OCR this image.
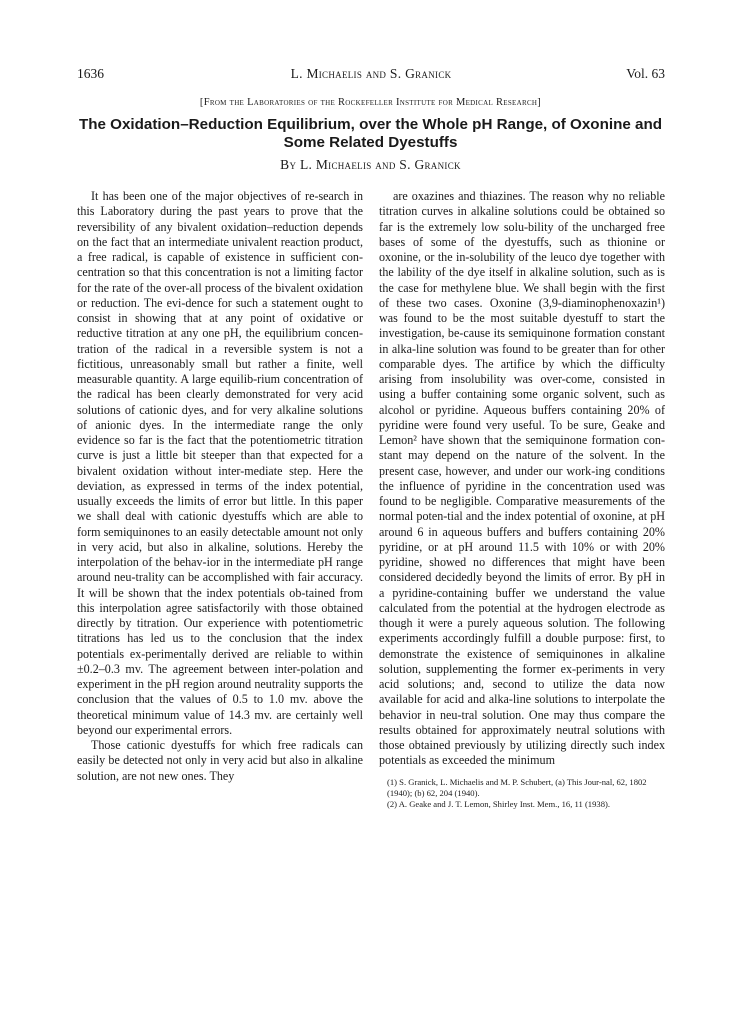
1636	L. Michaelis and S. Granick	Vol. 63
[From the Laboratories of the Rockefeller Institute for Medical Research]
The Oxidation–Reduction Equilibrium, over the Whole pH Range, of Oxonine and Some Related Dyestuffs
By L. Michaelis and S. Granick

It has been one of the major objectives of re-search in this Laboratory during the past years to prove that the reversibility of any bivalent oxidation–reduction depends on the fact that an intermediate univalent reaction product, a free radical, is capable of existence in sufficient con-centration so that this concentration is not a limiting factor for the rate of the over-all process of the bivalent oxidation or reduction. The evi-dence for such a statement ought to consist in showing that at any point of oxidative or reductive titration at any one pH, the equilibrium concen-tration of the radical in a reversible system is not a fictitious, unreasonably small but rather a finite, well measurable quantity. A large equilib-rium concentration of the radical has been clearly demonstrated for very acid solutions of cationic dyes, and for very alkaline solutions of anionic dyes. In the intermediate range the only evidence so far is the fact that the potentiometric titration curve is just a little bit steeper than that expected for a bivalent oxidation without inter-mediate step. Here the deviation, as expressed in terms of the index potential, usually exceeds the limits of error but little. In this paper we shall deal with cationic dyestuffs which are able to form semiquinones to an easily detectable amount not only in very acid, but also in alkaline, solutions. Hereby the interpolation of the behav-ior in the intermediate pH range around neu-trality can be accomplished with fair accuracy. It will be shown that the index potentials ob-tained from this interpolation agree satisfactorily with those obtained directly by titration. Our experience with potentiometric titrations has led us to the conclusion that the index potentials ex-perimentally derived are reliable to within ±0.2–0.3 mv. The agreement between inter-polation and experiment in the pH region around neutrality supports the conclusion that the values of 0.5 to 1.0 mv. above the theoretical minimum value of 14.3 mv. are certainly well beyond our experimental errors.

Those cationic dyestuffs for which free radicals can easily be detected not only in very acid but also in alkaline solution, are not new ones. They

are oxazines and thiazines. The reason why no reliable titration curves in alkaline solutions could be obtained so far is the extremely low solu-bility of the uncharged free bases of some of the dyestuffs, such as thionine or oxonine, or the in-solubility of the leuco dye together with the lability of the dye itself in alkaline solution, such as is the case for methylene blue. We shall begin with the first of these two cases. Oxonine (3,9-diaminophenoxazin¹) was found to be the most suitable dyestuff to start the investigation, be-cause its semiquinone formation constant in alka-line solution was found to be greater than for other comparable dyes. The artifice by which the difficulty arising from insolubility was over-come, consisted in using a buffer containing some organic solvent, such as alcohol or pyridine. Aqueous buffers containing 20% of pyridine were found very useful. To be sure, Geake and Lemon² have shown that the semiquinone formation con-stant may depend on the nature of the solvent. In the present case, however, and under our work-ing conditions the influence of pyridine in the concentration used was found to be negligible. Comparative measurements of the normal poten-tial and the index potential of oxonine, at pH around 6 in aqueous buffers and buffers containing 20% pyridine, or at pH around 11.5 with 10% or with 20% pyridine, showed no differences that might have been considered decidedly beyond the limits of error. By pH in a pyridine-containing buffer we understand the value calculated from the potential at the hydrogen electrode as though it were a purely aqueous solution. The following experiments accordingly fulfill a double purpose: first, to demonstrate the existence of semiquinones in alkaline solution, supplementing the former ex-periments in very acid solutions; and, second to utilize the data now available for acid and alka-line solutions to interpolate the behavior in neu-tral solution. One may thus compare the results obtained for approximately neutral solutions with those obtained previously by utilizing directly such index potentials as exceeded the minimum

(1) S. Granick, L. Michaelis and M. P. Schubert, (a) This Jour-nal, 62, 1802 (1940); (b) 62, 204 (1940).
(2) A. Geake and J. T. Lemon, Shirley Inst. Mem., 16, 11 (1938).
